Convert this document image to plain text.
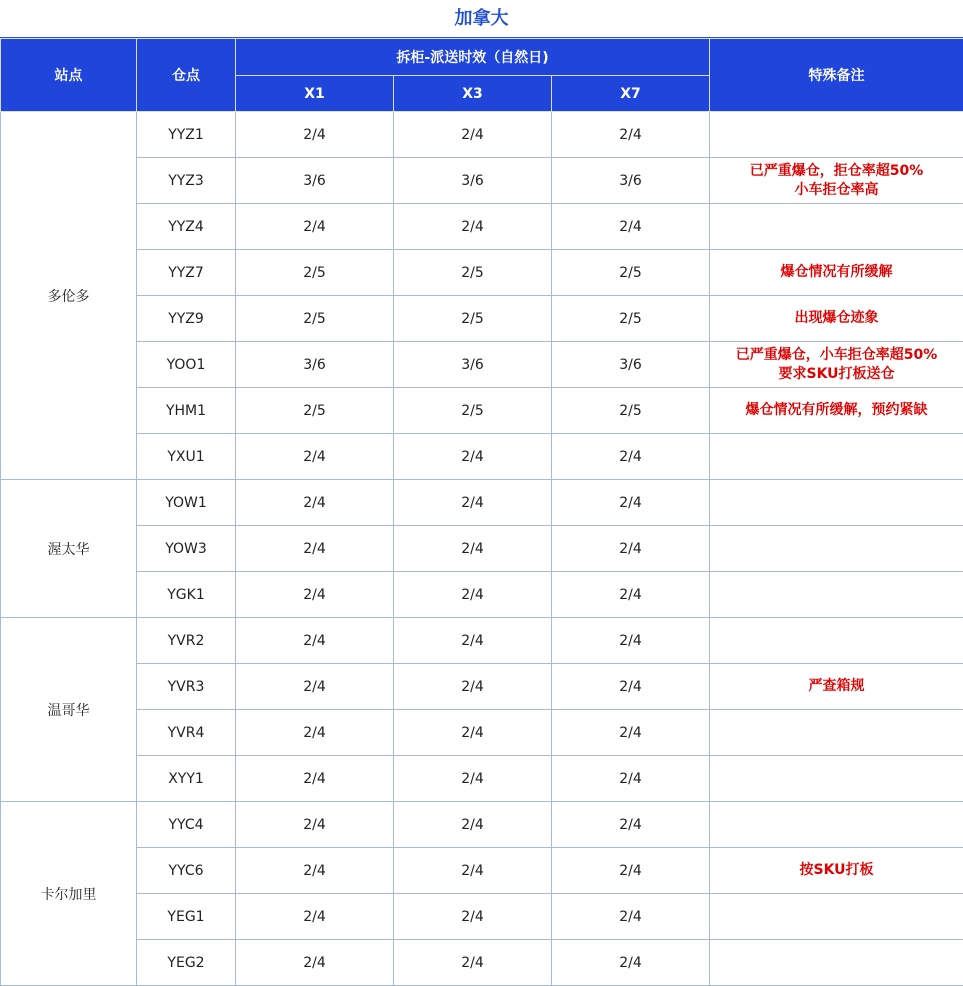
加拿大
站点	仓点	拆柜-派送时效（自然日)			特殊备注
		X1	X3	X7	
多伦多	YYZ1	2/4	2/4	2/4	
	YYZ3	3/6	3/6	3/6	已严重爆仓，拒仓率超50%
小车拒仓率高

	YYZ4	2/4	2/4	2/4	
	YYZ7	2/5	2/5	2/5	爆仓情况有所缓解

	YYZ9	2/5	2/5	2/5	出现爆仓迹象

	YOO1	3/6	3/6	3/6	已严重爆仓，小车拒仓率超50%
要求SKU打板送仓

	YHM1	2/5	2/5	2/5	爆仓情况有所缓解，预约紧缺

	YXU1	2/4	2/4	2/4	
渥太华	YOW1	2/4	2/4	2/4	
	YOW3	2/4	2/4	2/4	
	YGK1	2/4	2/4	2/4	
温哥华	YVR2	2/4	2/4	2/4	
	YVR3	2/4	2/4	2/4	严查箱规

	YVR4	2/4	2/4	2/4	
	XYY1	2/4	2/4	2/4	
卡尔加里	YYC4	2/4	2/4	2/4	
	YYC6	2/4	2/4	2/4	按SKU打板

	YEG1	2/4	2/4	2/4	
	YEG2	2/4	2/4	2/4	
